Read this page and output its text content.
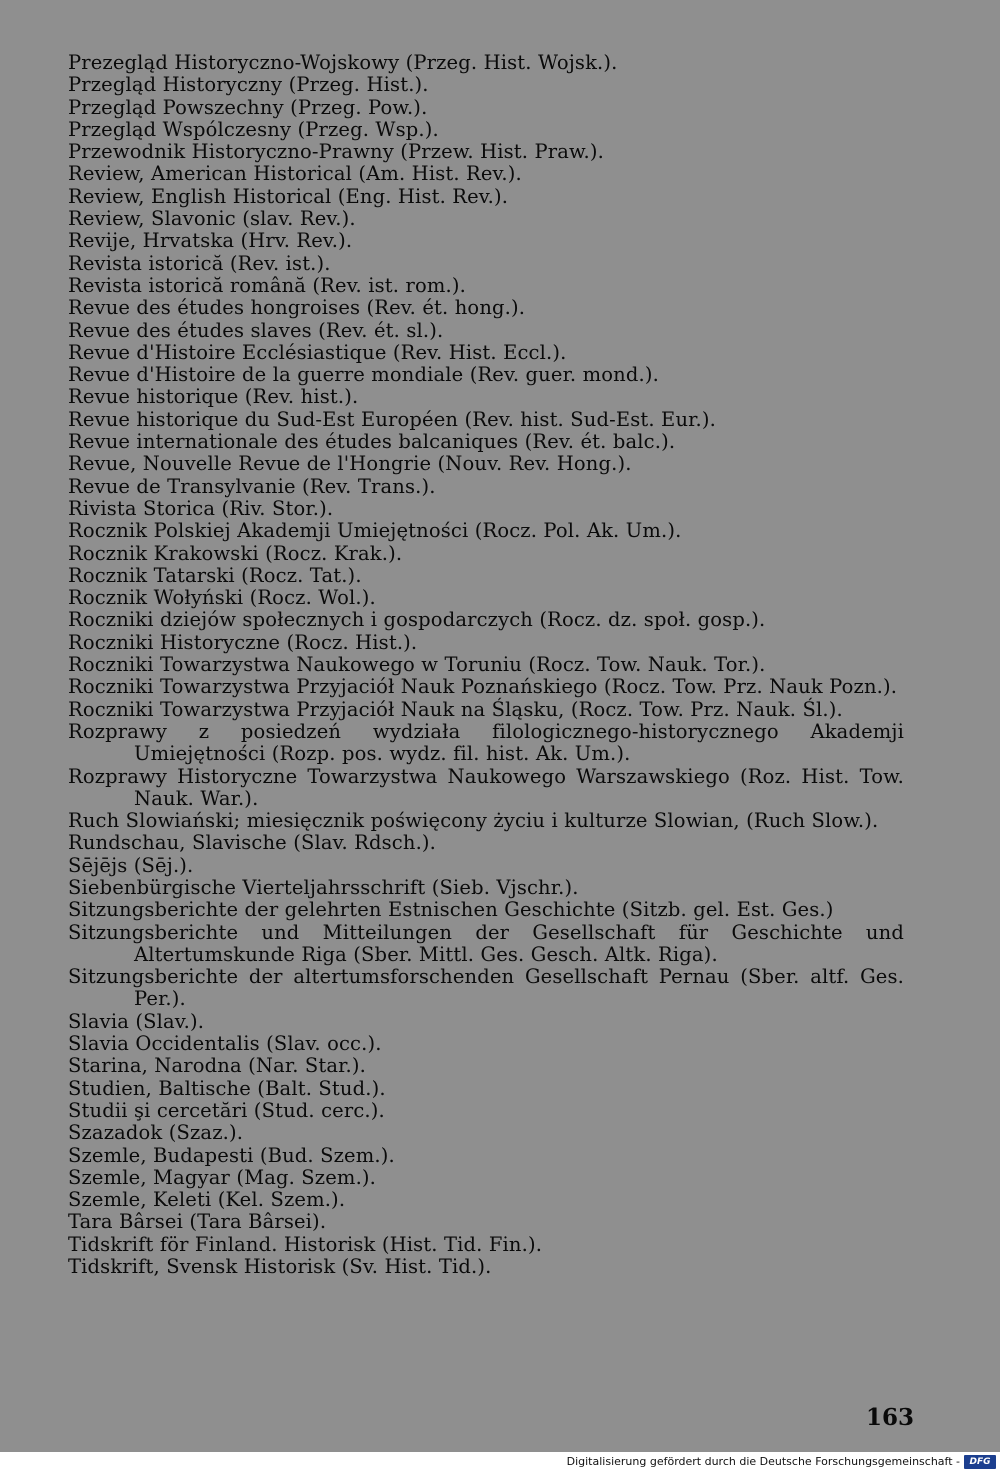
Prezegląd Historyczno-Wojskowy (Przeg. Hist. Wojsk.).
Przegląd Historyczny (Przeg. Hist.).
Przegląd Powszechny (Przeg. Pow.).
Przegląd Wspólczesny (Przeg. Wsp.).
Przewodnik Historyczno-Prawny (Przew. Hist. Praw.).
Review, American Historical (Am. Hist. Rev.).
Review, English Historical (Eng. Hist. Rev.).
Review, Slavonic (slav. Rev.).
Revije, Hrvatska (Hrv. Rev.).
Revista istorică (Rev. ist.).
Revista istorică română (Rev. ist. rom.).
Revue des études hongroises (Rev. ét. hong.).
Revue des études slaves (Rev. ét. sl.).
Revue d'Histoire Ecclésiastique (Rev. Hist. Eccl.).
Revue d'Histoire de la guerre mondiale (Rev. guer. mond.).
Revue historique (Rev. hist.).
Revue historique du Sud-Est Européen (Rev. hist. Sud-Est. Eur.).
Revue internationale des études balcaniques (Rev. ét. balc.).
Revue, Nouvelle Revue de l'Hongrie (Nouv. Rev. Hong.).
Revue de Transylvanie (Rev. Trans.).
Rivista Storica (Riv. Stor.).
Rocznik Polskiej Akademji Umiejętności (Rocz. Pol. Ak. Um.).
Rocznik Krakowski (Rocz. Krak.).
Rocznik Tatarski (Rocz. Tat.).
Rocznik Wołyński (Rocz. Wol.).
Roczniki dziejów społecznych i gospodarczych (Rocz. dz. społ. gosp.).
Roczniki Historyczne (Rocz. Hist.).
Roczniki Towarzystwa Naukowego w Toruniu (Rocz. Tow. Nauk. Tor.).
Roczniki Towarzystwa Przyjaciół Nauk Poznańskiego (Rocz. Tow. Prz. Nauk Pozn.).
Roczniki Towarzystwa Przyjaciół Nauk na Śląsku, (Rocz. Tow. Prz. Nauk. Śl.).
Rozprawy z posiedzeń wydziała filologicznego-historycznego Akademji Umiejętności (Rozp. pos. wydz. fil. hist. Ak. Um.).
Rozprawy Historyczne Towarzystwa Naukowego Warszawskiego (Roz. Hist. Tow. Nauk. War.).
Ruch Slowiański; miesięcznik poświęcony życiu i kulturze Slowian, (Ruch Slow.).
Rundschau, Slavische (Slav. Rdsch.).
Sējējs (Sēj.).
Siebenbürgische Vierteljahrsschrift (Sieb. Vjschr.).
Sitzungsberichte der gelehrten Estnischen Geschichte (Sitzb. gel. Est. Ges.)
Sitzungsberichte und Mitteilungen der Gesellschaft für Geschichte und Altertumskunde Riga (Sber. Mittl. Ges. Gesch. Altk. Riga).
Sitzungsberichte der altertumsforschenden Gesellschaft Pernau (Sber. altf. Ges. Per.).
Slavia (Slav.).
Slavia Occidentalis (Slav. occ.).
Starina, Narodna (Nar. Star.).
Studien, Baltische (Balt. Stud.).
Studii şi cercetări (Stud. cerc.).
Szazadok (Szaz.).
Szemle, Budapesti (Bud. Szem.).
Szemle, Magyar (Mag. Szem.).
Szemle, Keleti (Kel. Szem.).
Tara Bârsei (Tara Bârsei).
Tidskrift för Finland. Historisk (Hist. Tid. Fin.).
Tidskrift, Svensk Historisk (Sv. Hist. Tid.).
163
Digitalisierung gefördert durch die Deutsche Forschungsgemeinschaft -	DFG
